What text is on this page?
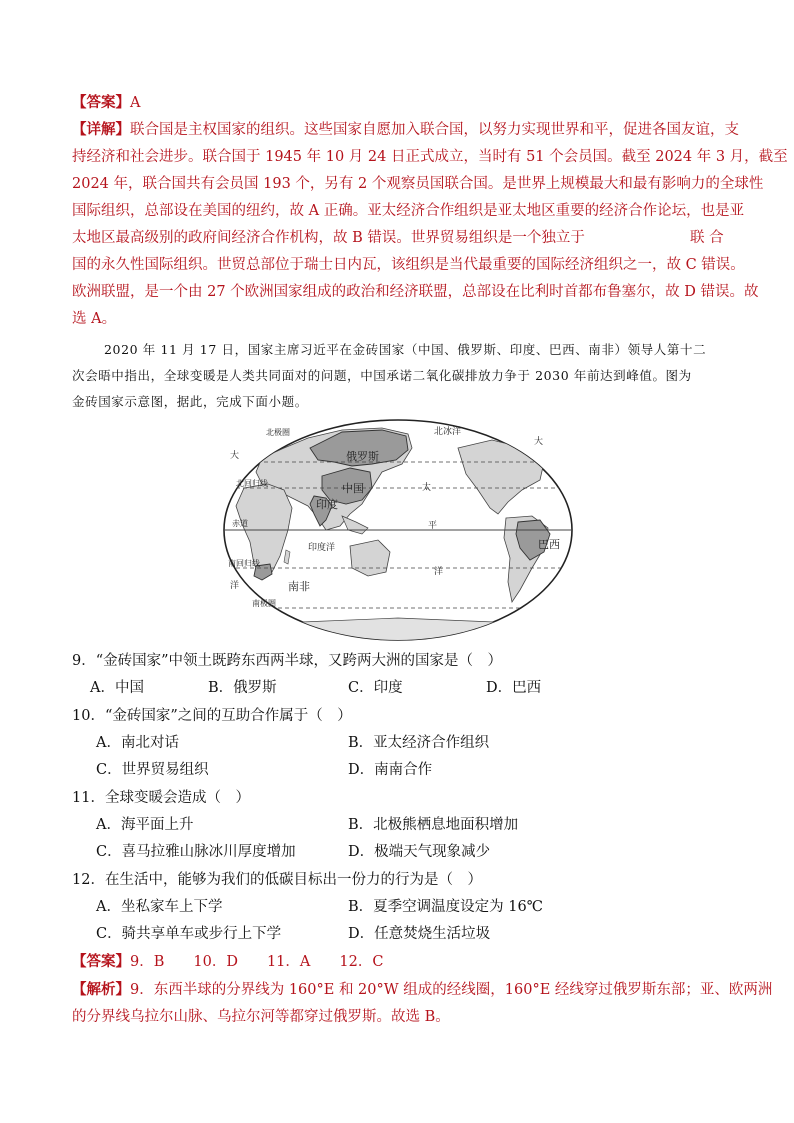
【答案】A
【详解】联合国是主权国家的组织。这些国家自愿加入联合国，以努力实现世界和平，促进各国友谊，支
持经济和社会进步。联合国于 1945 年 10 月 24 日正式成立，当时有 51 个会员国。截至 2024 年 3 月，截至
2024 年，联合国共有会员国 193 个，另有 2 个观察员国联合国。是世界上规模最大和最有影响力的全球性
国际组织，总部设在美国的纽约，故 A 正确。亚太经济合作组织是亚太地区重要的经济合作论坛，也是亚
太地区最高级别的政府间经济合作机构，故 B 错误。世界贸易组织是一个独立于	联 合
国的永久性国际组织。世贸总部位于瑞士日内瓦，该组织是当代最重要的国际经济组织之一，故 C 错误。
欧洲联盟，是一个由 27 个欧洲国家组成的政治和经济联盟，总部设在比利时首都布鲁塞尔，故 D 错误。故
选 A。
2020 年 11 月 17 日，国家主席习近平在金砖国家（中国、俄罗斯、印度、巴西、南非）领导人第十二
次会晤中指出，全球变暖是人类共同面对的问题，中国承诺二氧化碳排放力争于 2030 年前达到峰值。图为
金砖国家示意图，据此，完成下面小题。
北冰洋
北极圈
俄罗斯
中国
印度
巴西
南非
印度洋
北回归线
赤道
南回归线
南极圈
大
大
太
平
洋
洋
9．“金砖国家”中领土既跨东西两半球，又跨两大洲的国家是（　）
A．中国	B．俄罗斯	C．印度	D．巴西
10．“金砖国家”之间的互助合作属于（　）
A．南北对话	B．亚太经济合作组织
C．世界贸易组织	D．南南合作
11．全球变暖会造成（　）
A．海平面上升	B．北极熊栖息地面积增加
C．喜马拉雅山脉冰川厚度增加	D．极端天气现象减少
12．在生活中，能够为我们的低碳目标出一份力的行为是（　）
A．坐私家车上下学	B．夏季空调温度设定为 16℃
C．骑共享单车或步行上下学	D．任意焚烧生活垃圾
【答案】9．B　　10．D　　11．A　　12．C
【解析】9．东西半球的分界线为 160°E 和 20°W 组成的经线圈，160°E 经线穿过俄罗斯东部；亚、欧两洲
的分界线乌拉尔山脉、乌拉尔河等都穿过俄罗斯。故选 B。
